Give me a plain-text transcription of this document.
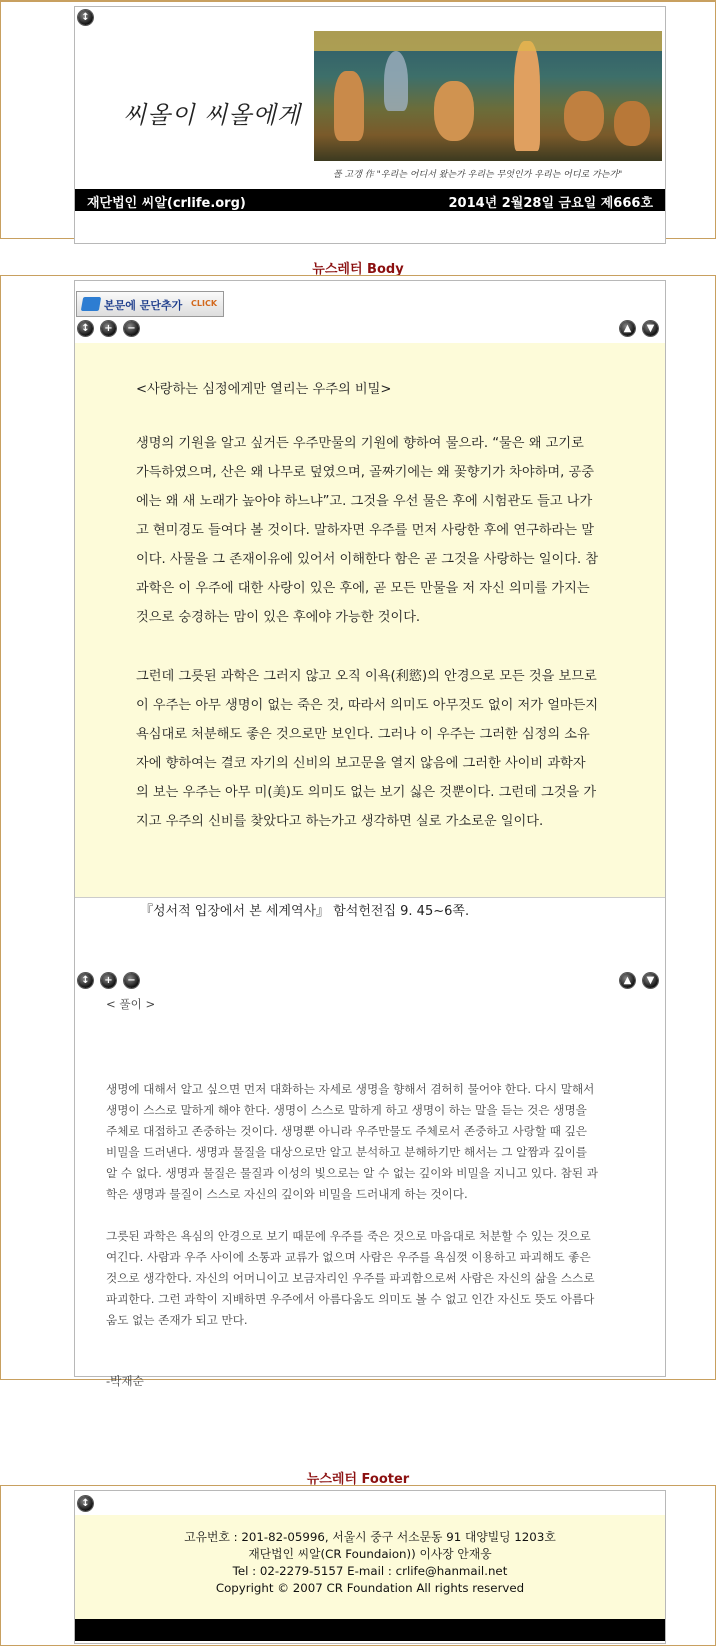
↕
씨올이 씨올에게
폴 고갱 作 "우리는 어디서 왔는가 우리는 무엇인가 우리는 어디로 가는가"
재단법인 씨알(crlife.org)	2014년 2월28일 금요일 제666호
뉴스레터 Body
본문에 문단추가 CLICK
↕	+	−	▲	▼
<사랑하는 심정에게만 열리는 우주의 비밀>

생명의 기원을 알고 싶거든 우주만물의 기원에 향하여 물으라. “물은 왜 고기로

가득하였으며, 산은 왜 나무로 덮였으며, 골짜기에는 왜 꽃향기가 차야하며, 공중

에는 왜 새 노래가 높아야 하느냐”고. 그것을 우선 물은 후에 시험관도 들고 나가

고 현미경도 들여다 볼 것이다. 말하자면 우주를 먼저 사랑한 후에 연구하라는 말

이다. 사물을 그 존재이유에 있어서 이해한다 함은 곧 그것을 사랑하는 일이다. 참

과학은 이 우주에 대한 사랑이 있은 후에, 곧 모든 만물을 저 자신 의미를 가지는

것으로 숭경하는 맘이 있은 후에야 가능한 것이다.

그런데 그릇된 과학은 그러지 않고 오직 이욕(利慾)의 안경으로 모든 것을 보므로

이 우주는 아무 생명이 없는 죽은 것, 따라서 의미도 아무것도 없이 저가 얼마든지

욕심대로 처분해도 좋은 것으로만 보인다. 그러나 이 우주는 그러한 심정의 소유

자에 향하여는 결코 자기의 신비의 보고문을 열지 않음에 그러한 사이비 과학자

의 보는 우주는 아무 미(美)도 의미도 없는 보기 싫은 것뿐이다. 그런데 그것을 가

지고 우주의 신비를 찾았다고 하는가고 생각하면 실로 가소로운 일이다.

『성서적 입장에서 본 세계역사』 함석헌전집 9. 45~6쪽.
↕	+	−	▲	▼
< 풀이 >

생명에 대해서 알고 싶으면 먼저 대화하는 자세로 생명을 향해서 겸허히 물어야 한다. 다시 말해서

생명이 스스로 말하게 해야 한다. 생명이 스스로 말하게 하고 생명이 하는 말을 듣는 것은 생명을

주체로 대접하고 존중하는 것이다. 생명뿐 아니라 우주만물도 주체로서 존중하고 사랑할 때 깊은

비밀을 드러낸다. 생명과 물질을 대상으로만 알고 분석하고 분해하기만 해서는 그 알짬과 깊이를

알 수 없다. 생명과 물질은 물질과 이성의 빛으로는 알 수 없는 깊이와 비밀을 지니고 있다. 참된 과

학은 생명과 물질이 스스로 자신의 깊이와 비밀을 드러내게 하는 것이다.

그릇된 과학은 욕심의 안경으로 보기 때문에 우주를 죽은 것으로 마음대로 처분할 수 있는 것으로

여긴다. 사람과 우주 사이에 소통과 교류가 없으며 사람은 우주를 욕심껏 이용하고 파괴해도 좋은

것으로 생각한다. 자신의 어머니이고 보금자리인 우주를 파괴함으로써 사람은 자신의 삶을 스스로

파괴한다. 그런 과학이 지배하면 우주에서 아름다움도 의미도 볼 수 없고 인간 자신도 뜻도 아름다

움도 없는 존재가 되고 만다.

-박재순
뉴스레터 Footer
↕

고유번호 : 201-82-05996, 서울시 중구 서소문동 91 대양빌딩 1203호

재단법인 씨알(CR Foundaion)) 이사장 안재웅

Tel : 02-2279-5157 E-mail : crlife@hanmail.net

Copyright © 2007 CR Foundation All rights reserved
